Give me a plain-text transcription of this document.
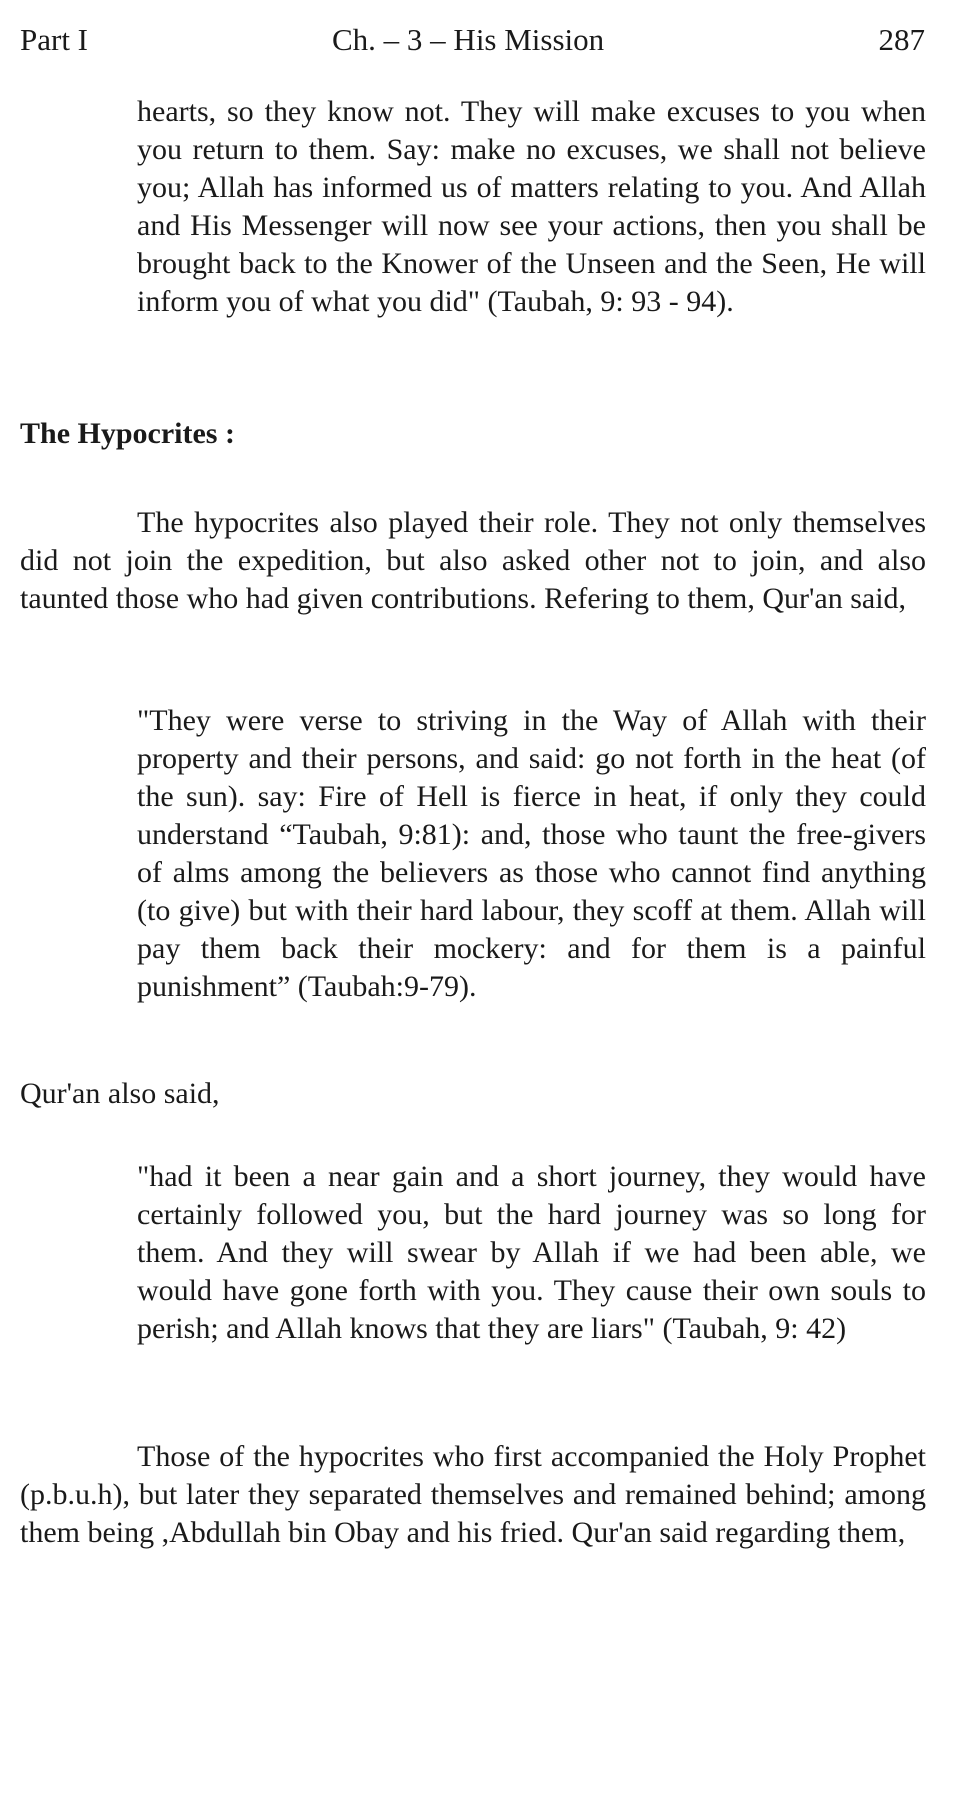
Part I	Ch. – 3 – His Mission	287

hearts, so they know not. They will make excuses to you when you return to them. Say: make no excuses, we shall not believe you; Allah has informed us of matters relating to you. And Allah and His Messenger will now see your actions, then you shall be brought back to the Knower of the Unseen and the Seen, He will inform you of what you did" (Taubah, 9: 93 - 94).

The Hypocrites :

The hypocrites also played their role. They not only themselves did not join the expedition, but also asked other not to join, and also taunted those who had given contributions. Refering to them, Qur'an said,

"They were verse to striving in the Way of Allah with their property and their persons, and said: go not forth in the heat (of the sun). say: Fire of Hell is fierce in heat, if only they could understand “Taubah, 9:81): and, those who taunt the free-givers of alms among the believers as those who cannot find anything (to give) but with their hard labour, they scoff at them. Allah will pay them back their mockery: and for them is a painful punishment” (Taubah:9-79).

Qur'an also said,

"had it been a near gain and a short journey, they would have certainly followed you, but the hard journey was so long for them. And they will swear by Allah if we had been able, we would have gone forth with you. They cause their own souls to perish; and Allah knows that they are liars" (Taubah, 9: 42)

Those of the hypocrites who first accompanied the Holy Prophet (p.b.u.h), but later they separated themselves and remained behind; among them being ,Abdullah bin Obay and his fried. Qur'an said regarding them,
